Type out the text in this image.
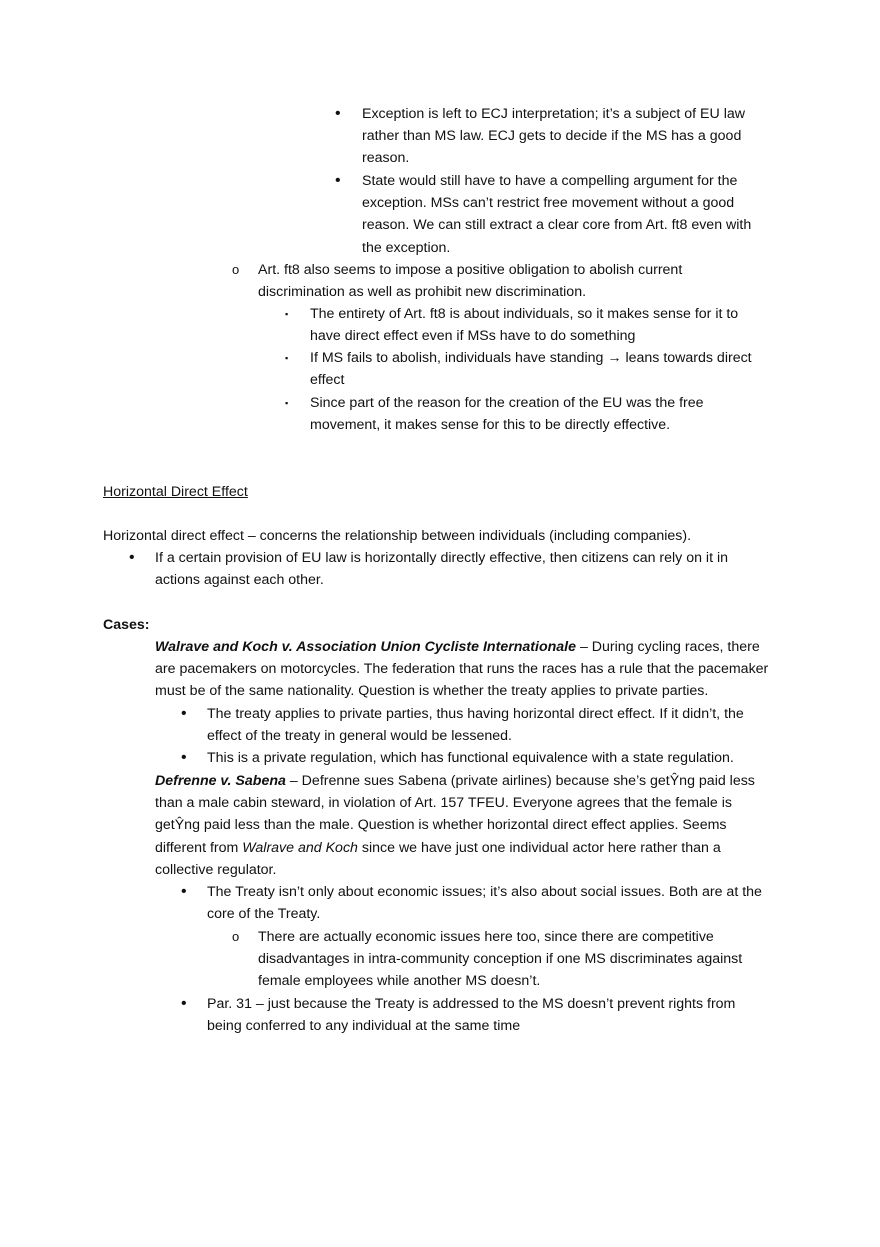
• Exception is left to ECJ interpretation; it’s a subject of EU law rather than MS law. ECJ gets to decide if the MS has a good reason.

• State would still have to have a compelling argument for the exception. MSs can’t restrict free movement without a good reason. We can still extract a clear core from Art. ft8 even with the exception.

o Art. ft8 also seems to impose a positive obligation to abolish current discrimination as well as prohibit new discrimination.

▪ The entirety of Art. ft8 is about individuals, so it makes sense for it to have direct effect even if MSs have to do something

▪ If MS fails to abolish, individuals have standing → leans towards direct effect

▪ Since part of the reason for the creation of the EU was the free movement, it makes sense for this to be directly effective.

Horizontal Direct Effect
Horizontal direct effect – concerns the relationship between individuals (including companies).
• If a certain provision of EU law is horizontally directly effective, then citizens can rely on it in actions against each other.

Cases:

Walrave and Koch v. Association Union Cycliste Internationale – During cycling races, there are pacemakers on motorcycles. The federation that runs the races has a rule that the pacemaker must be of the same nationality. Question is whether the treaty applies to private parties.

• The treaty applies to private parties, thus having horizontal direct effect. If it didn’t, the effect of the treaty in general would be lessened.

• This is a private regulation, which has functional equivalence with a state regulation.

Defrenne v. Sabena – Defrenne sues Sabena (private airlines) because she’s getŶng paid less than a male cabin steward, in violation of Art. 157 TFEU. Everyone agrees that the female is getŶng paid less than the male. Question is whether horizontal direct effect applies. Seems different from Walrave and Koch since we have just one individual actor here rather than a collective regulator.

• The Treaty isn’t only about economic issues; it’s also about social issues. Both are at the core of the Treaty.

o There are actually economic issues here too, since there are competitive disadvantages in intra-community conception if one MS discriminates against female employees while another MS doesn’t.

• Par. 31 – just because the Treaty is addressed to the MS doesn’t prevent rights from being conferred to any individual at the same time
